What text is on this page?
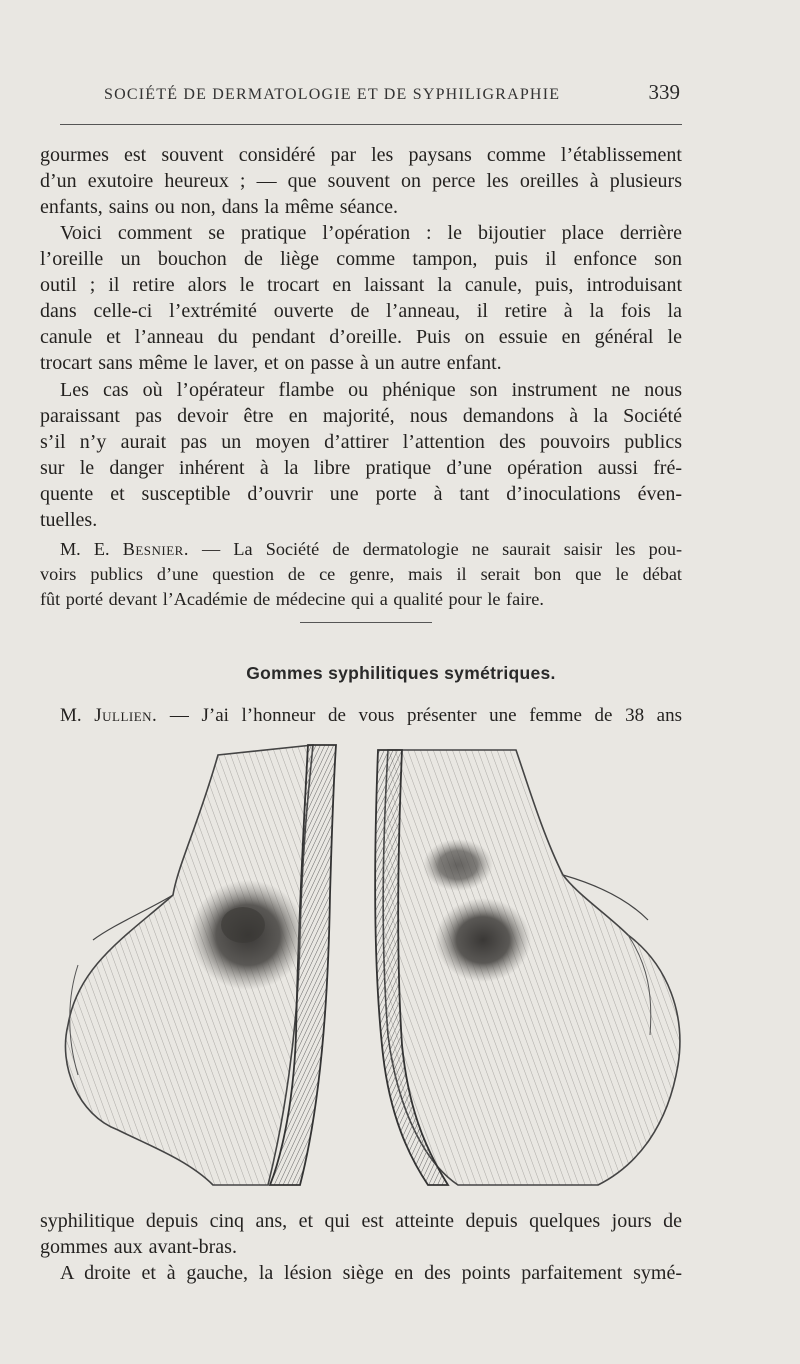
SOCIÉTÉ DE DERMATOLOGIE ET DE SYPHILIGRAPHIE	339
gourmes est souvent considéré par les paysans comme l’établissement
d’un exutoire heureux ; — que souvent on perce les oreilles à plusieurs
enfants, sains ou non, dans la même séance.
Voici comment se pratique l’opération : le bijoutier place derrière
l’oreille un bouchon de liège comme tampon, puis il enfonce son
outil ; il retire alors le trocart en laissant la canule, puis, introduisant
dans celle-ci l’extrémité ouverte de l’anneau, il retire à la fois la
canule et l’anneau du pendant d’oreille. Puis on essuie en général le
trocart sans même le laver, et on passe à un autre enfant.
Les cas où l’opérateur flambe ou phénique son instrument ne nous
paraissant pas devoir être en majorité, nous demandons à la Société
s’il n’y aurait pas un moyen d’attirer l’attention des pouvoirs publics
sur le danger inhérent à la libre pratique d’une opération aussi fré-
quente et susceptible d’ouvrir une porte à tant d’inoculations éven-
tuelles.
M. E. Besnier. — La Société de dermatologie ne saurait saisir les pou-
voirs publics d’une question de ce genre, mais il serait bon que le débat
fût porté devant l’Académie de médecine qui a qualité pour le faire.
Gommes syphilitiques symétriques.
M. Jullien. — J’ai l’honneur de vous présenter une femme de 38 ans
syphilitique depuis cinq ans, et qui est atteinte depuis quelques jours de
gommes aux avant-bras.
A droite et à gauche, la lésion siège en des points parfaitement symé-
